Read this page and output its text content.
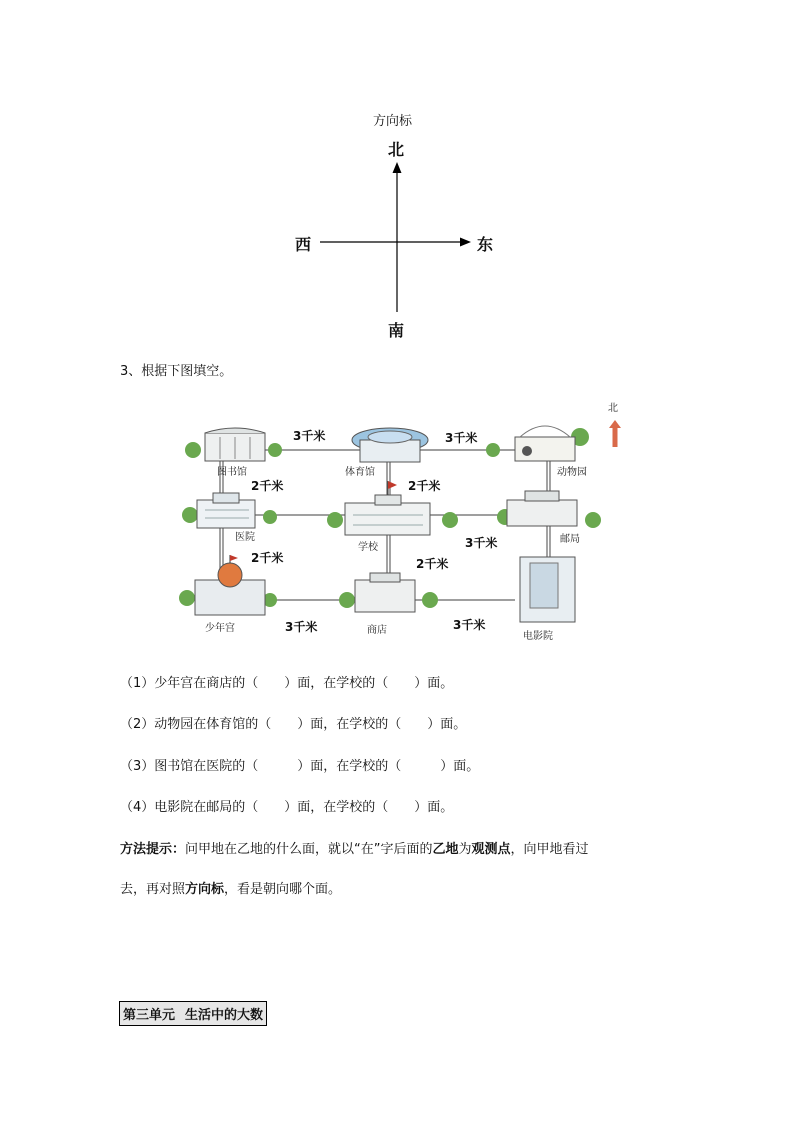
方向标
北
南
西	东
3、根据下图填空。
北
图书馆	体育馆	动物园
医院
学校
邮局
少年宫	商店
电影院
3千米	3千米
2千米	2千米
2千米
3千米
2千米
3千米	3千米
（1）少年宫在商店的（　　）面，在学校的（　　）面。
（2）动物园在体育馆的（　　）面，在学校的（　　）面。
（3）图书馆在医院的（　　　）面，在学校的（　　　）面。
（4）电影院在邮局的（　　）面，在学校的（　　）面。
方法提示：问甲地在乙地的什么面，就以“在”字后面的乙地为观测点，向甲地看过
去，再对照方向标，看是朝向哪个面。
第三单元 生活中的大数
